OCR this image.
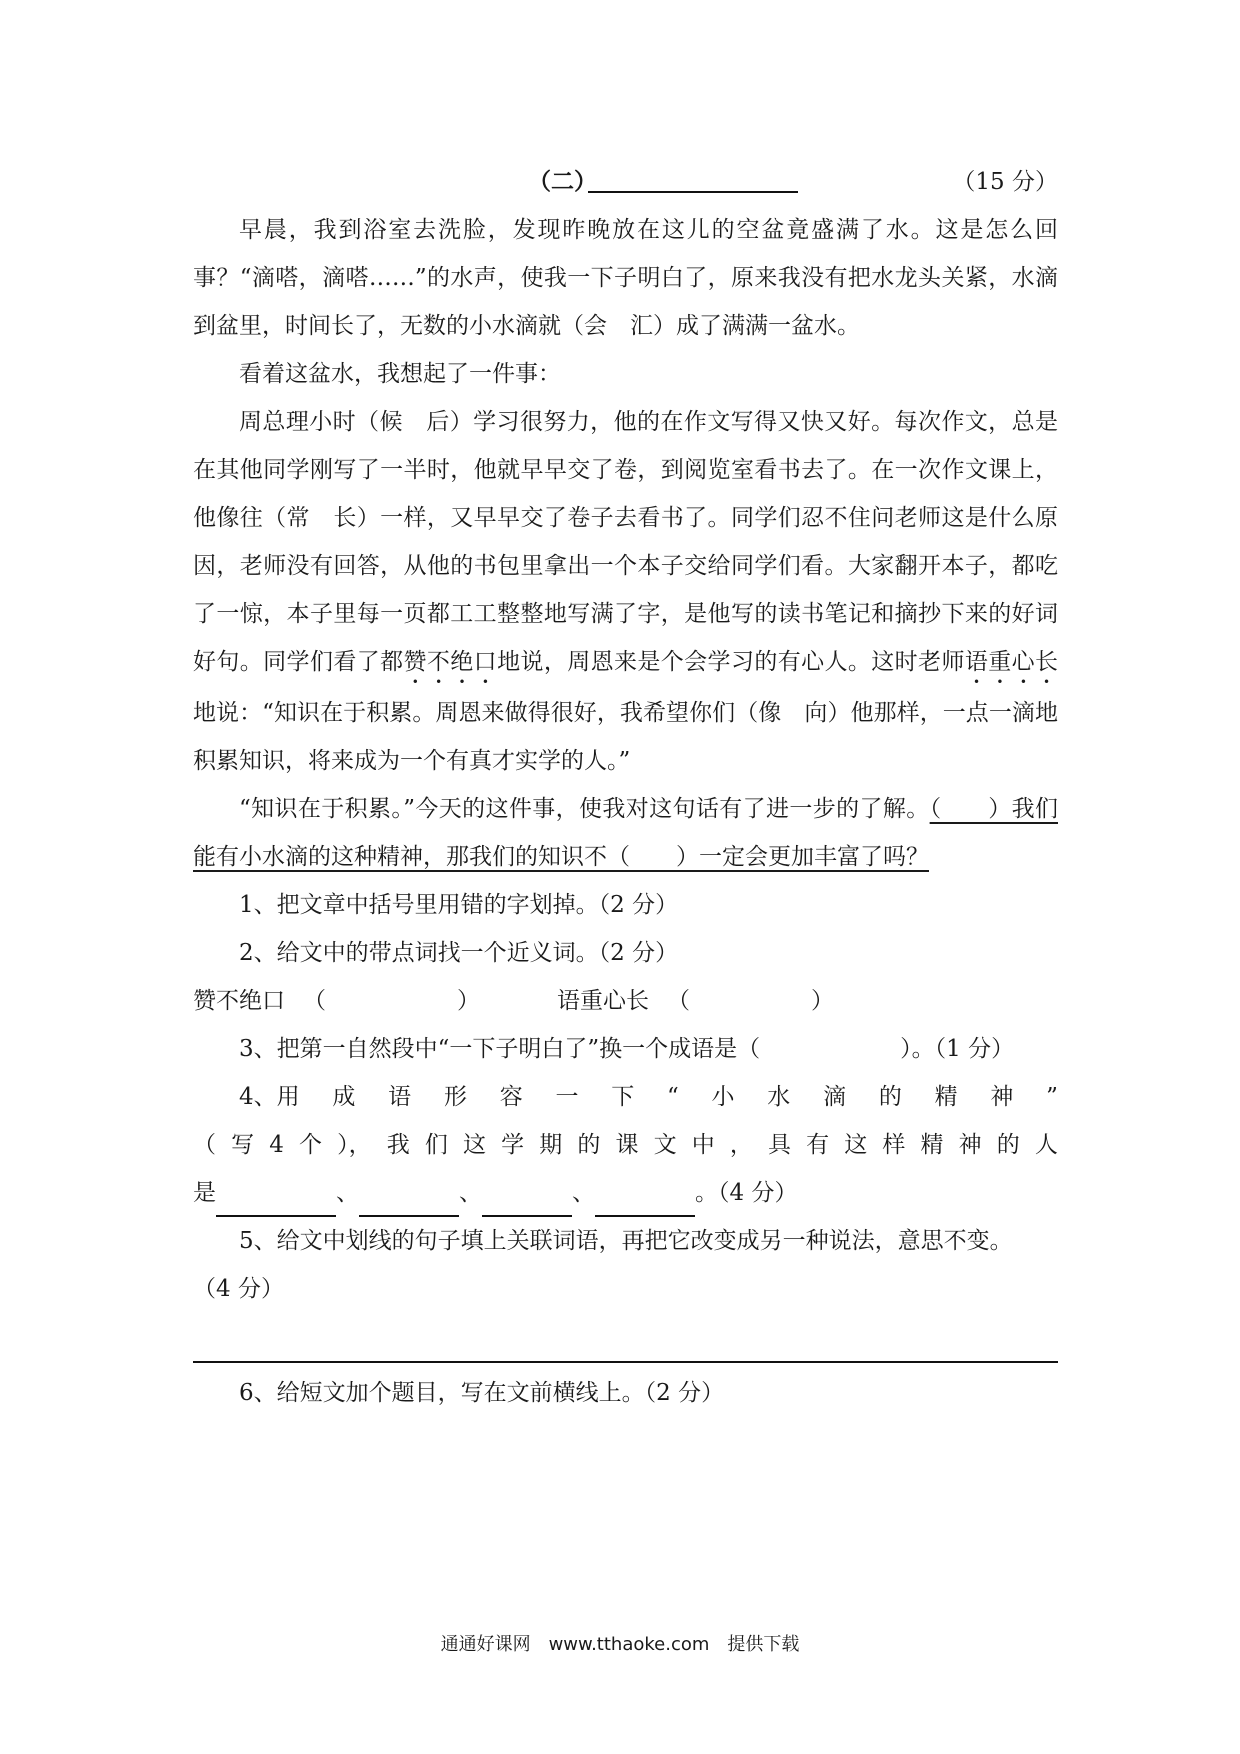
（二）	（15 分）

早晨，我到浴室去洗脸，发现昨晚放在这儿的空盆竟盛满了水。这是怎么回事？“滴嗒，滴嗒……”的水声，使我一下子明白了，原来我没有把水龙头关紧，水滴到盆里，时间长了，无数的小水滴就（会　汇）成了满满一盆水。

看着这盆水，我想起了一件事：

周总理小时（候　后）学习很努力，他的在作文写得又快又好。每次作文，总是在其他同学刚写了一半时，他就早早交了卷，到阅览室看书去了。在一次作文课上，他像往（常　长）一样，又早早交了卷子去看书了。同学们忍不住问老师这是什么原因，老师没有回答，从他的书包里拿出一个本子交给同学们看。大家翻开本子，都吃了一惊，本子里每一页都工工整整地写满了字，是他写的读书笔记和摘抄下来的好词好句。同学们看了都赞不绝口地说，周恩来是个会学习的有心人。这时老师语重心长地说：“知识在于积累。周恩来做得很好，我希望你们（像　向）他那样，一点一滴地积累知识，将来成为一个有真才实学的人。”

“知识在于积累。”今天的这件事，使我对这句话有了进一步的了解。（　　）我们能有小水滴的这种精神，那我们的知识不（　　）一定会更加丰富了吗？

1、把文章中括号里用错的字划掉。（2 分）

2、给文中的带点词找一个近义词。（2 分）

赞不绝口 （	）	语重心长 （	）

3、把第一自然段中“一下子明白了”换一个成语是（	）。（1 分）

4、用 成 语 形 容 一 下 “ 小 水 滴 的 精 神 ”
（ 写 4 个 ）， 我 们 这 学 期 的 课 文 中 ， 具 有 这 样 精 神 的 人

是	、	、	、	。（4 分）

5、给文中划线的句子填上关联词语，再把它改变成另一种说法，意思不变。

（4 分）

6、给短文加个题目，写在文前横线上。（2 分）

通通好课网　www.tthaoke.com　提供下载
